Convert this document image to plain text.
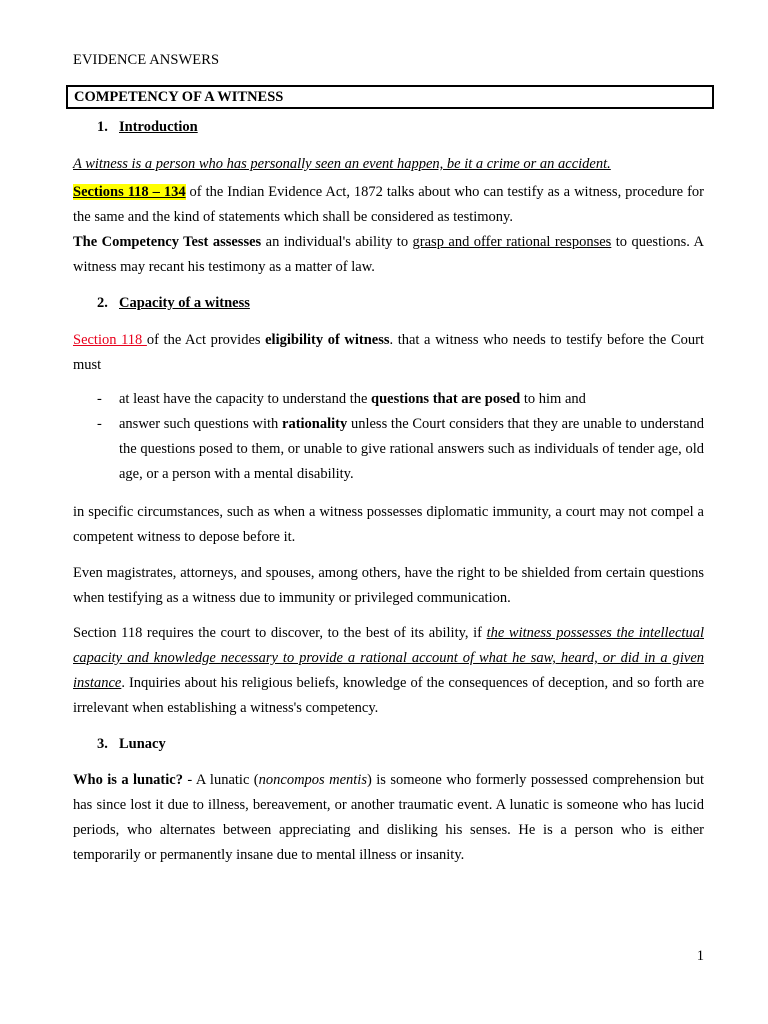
EVIDENCE ANSWERS
COMPETENCY OF A WITNESS
1. Introduction

A witness is a person who has personally seen an event happen, be it a crime or an accident.

Sections 118 – 134 of the Indian Evidence Act, 1872 talks about who can testify as a witness, procedure for the same and the kind of statements which shall be considered as testimony.

The Competency Test assesses an individual's ability to grasp and offer rational responses to questions. A witness may recant his testimony as a matter of law.

2. Capacity of a witness

Section 118 of the Act provides eligibility of witness. that a witness who needs to testify before the Court must

- at least have the capacity to understand the questions that are posed to him and

- answer such questions with rationality unless the Court considers that they are unable to understand the questions posed to them, or unable to give rational answers such as individuals of tender age, old age, or a person with a mental disability.

in specific circumstances, such as when a witness possesses diplomatic immunity, a court may not compel a competent witness to depose before it.

Even magistrates, attorneys, and spouses, among others, have the right to be shielded from certain questions when testifying as a witness due to immunity or privileged communication.

Section 118 requires the court to discover, to the best of its ability, if the witness possesses the intellectual capacity and knowledge necessary to provide a rational account of what he saw, heard, or did in a given instance. Inquiries about his religious beliefs, knowledge of the consequences of deception, and so forth are irrelevant when establishing a witness's competency.

3. Lunacy

Who is a lunatic? - A lunatic (noncompos mentis) is someone who formerly possessed comprehension but has since lost it due to illness, bereavement, or another traumatic event. A lunatic is someone who has lucid periods, who alternates between appreciating and disliking his senses. He is a person who is either temporarily or permanently insane due to mental illness or insanity.

1
